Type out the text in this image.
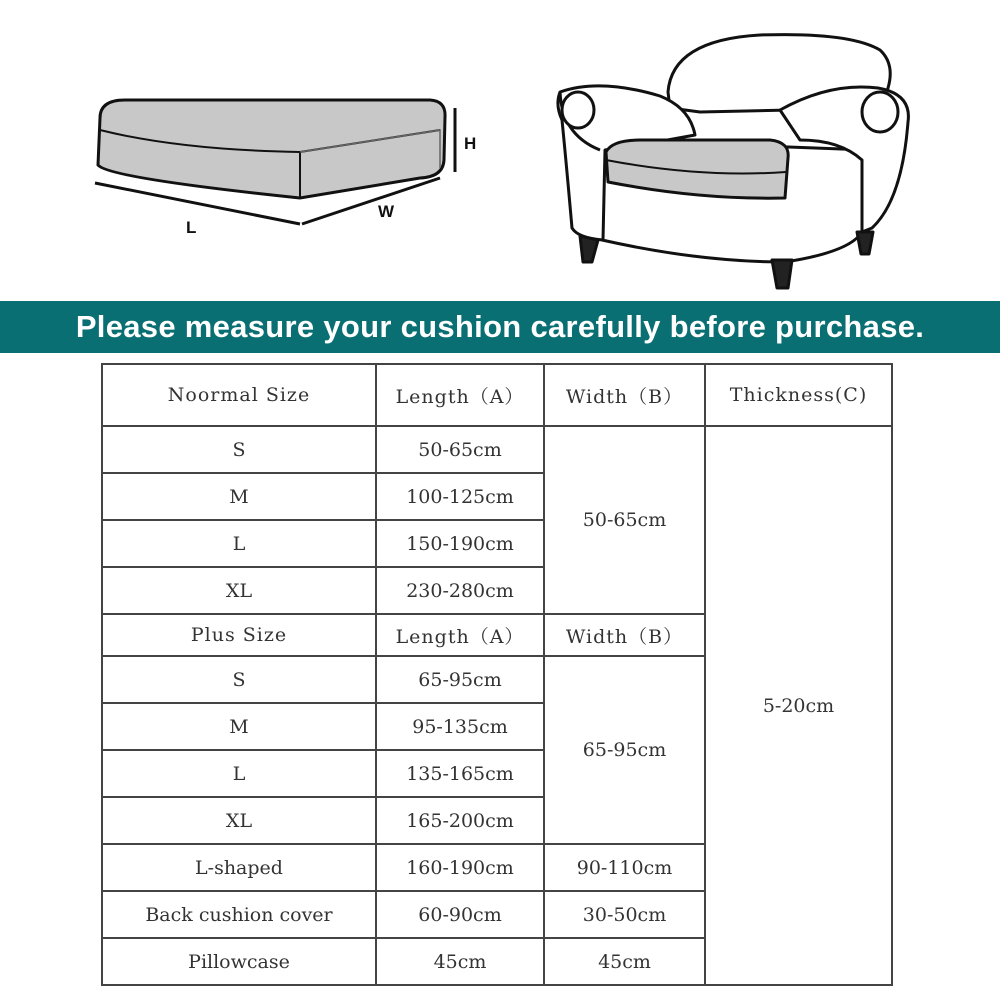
H
W
L
Please measure your cushion carefully before purchase.
Noormal Size	Length（A）	Width（B）	Thickness(C)
S	50-65cm	50-65cm	5-20cm
M	100-125cm		
L	150-190cm		
XL	230-280cm		
Plus Size	Length（A）	Width（B）	
S	65-95cm	65-95cm	
M	95-135cm		
L	135-165cm		
XL	165-200cm		
L-shaped	160-190cm	90-110cm	
Back cushion cover	60-90cm	30-50cm	
Pillowcase	45cm	45cm	
